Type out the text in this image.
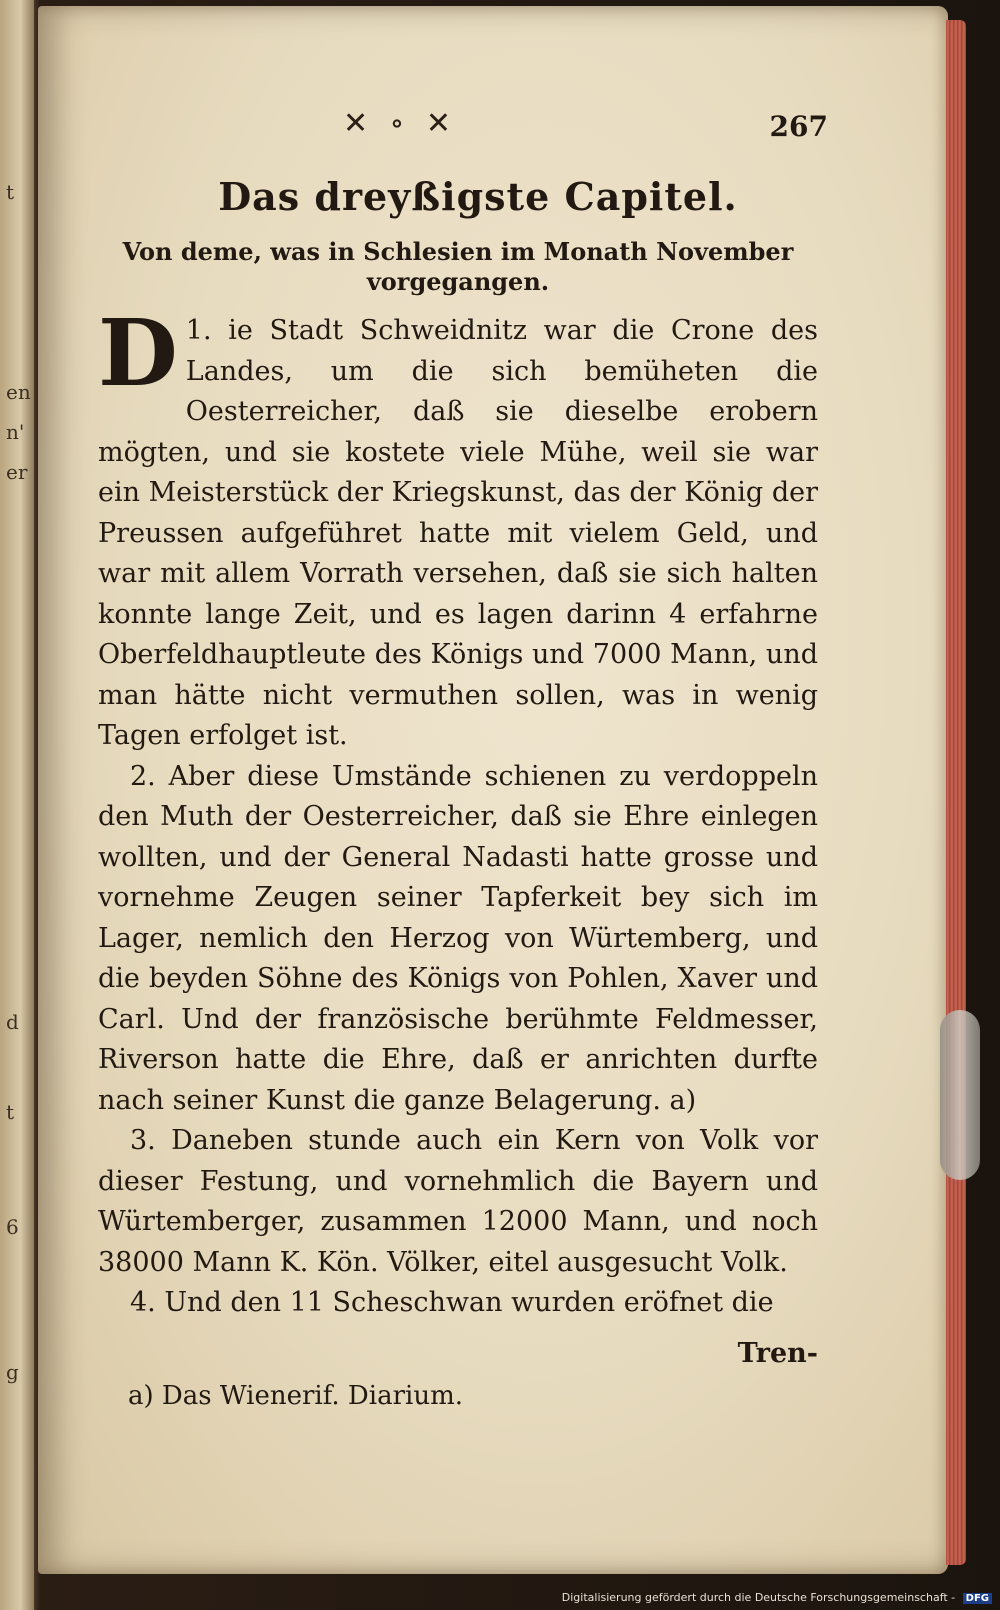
t
en
n'
er
d
t
6
g
✕ ∘ ✕	267
Das dreyßigste Capitel.
Von deme, was in Schlesien im Monath November vorgegangen.

1.
D ie Stadt Schweidnitz war die Crone des Landes, um die sich bemüheten die Oesterreicher, daß sie dieselbe erobern mögten, und sie kostete viele Mühe, weil sie war ein Meisterstück der Kriegskunst, das der König der Preussen aufgeführet hatte mit vielem Geld, und war mit allem Vorrath versehen, daß sie sich halten konnte lange Zeit, und es lagen darinn 4 erfahrne Oberfeldhauptleute des Königs und 7000 Mann, und man hätte nicht vermuthen sollen, was in wenig Tagen erfolget ist.

2. Aber diese Umstände schienen zu verdoppeln den Muth der Oesterreicher, daß sie Ehre einlegen wollten, und der General Nadasti hatte grosse und vornehme Zeugen seiner Tapferkeit bey sich im Lager, nemlich den Herzog von Würtemberg, und die beyden Söhne des Königs von Pohlen, Xaver und Carl. Und der französische berühmte Feldmesser, Riverson hatte die Ehre, daß er anrichten durfte nach seiner Kunst die ganze Belagerung. a)

3. Daneben stunde auch ein Kern von Volk vor dieser Festung, und vornehmlich die Bayern und Würtemberger, zusammen 12000 Mann, und noch 38000 Mann K. Kön. Völker, eitel ausgesucht Volk.

4. Und den 11 Scheschwan wurden eröfnet die

Tren-
a) Das Wienerif. Diarium.
Digitalisierung gefördert durch die Deutsche Forschungsgemeinschaft - DFG
